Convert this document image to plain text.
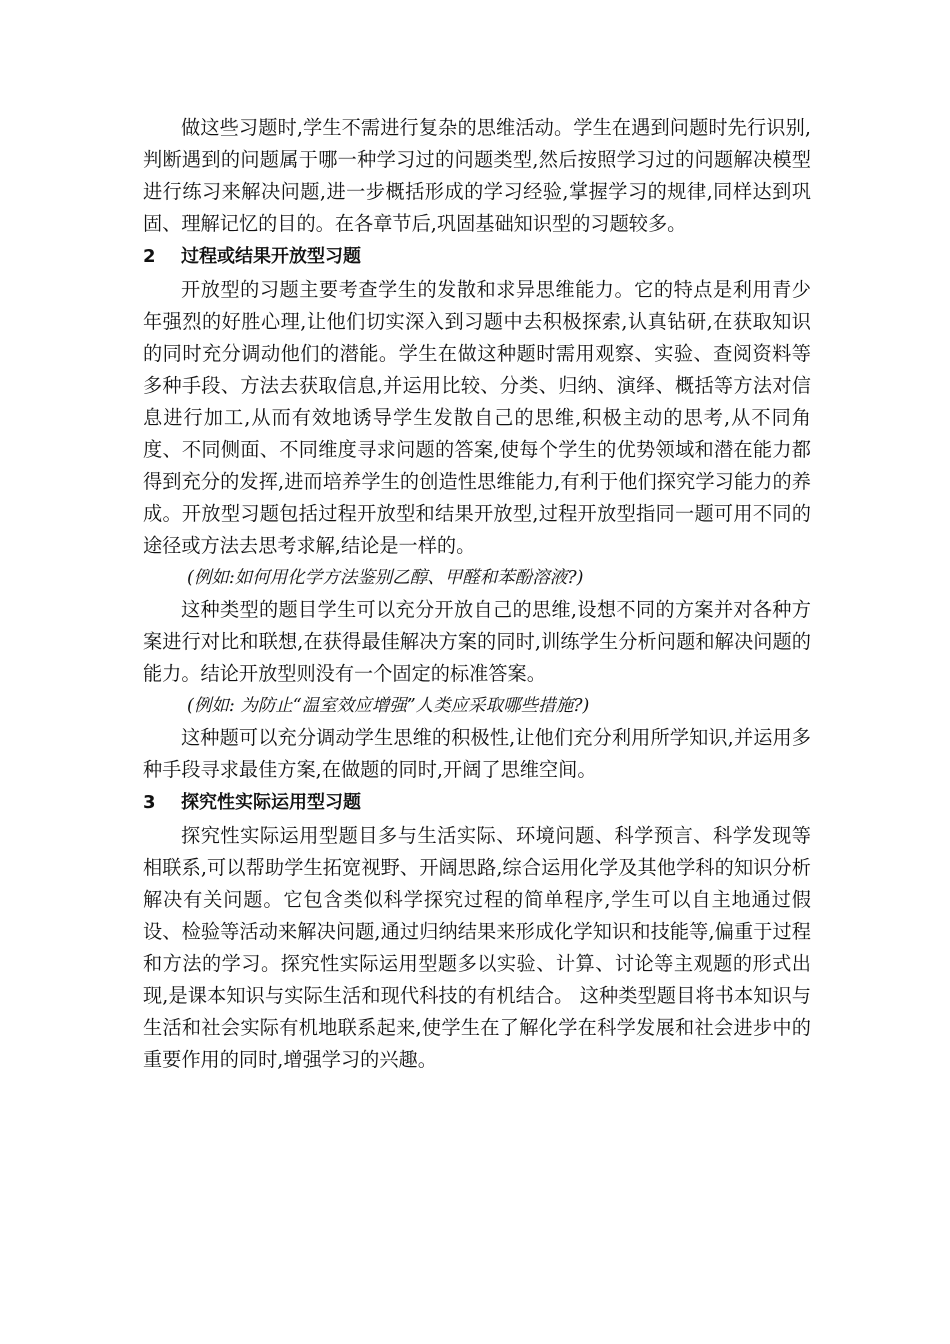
做这些习题时,学生不需进行复杂的思维活动。学生在遇到问题时先行识别,判断遇到的问题属于哪一种学习过的问题类型,然后按照学习过的问题解决模型进行练习来解决问题,进一步概括形成的学习经验,掌握学习的规律,同样达到巩固、理解记忆的目的。在各章节后,巩固基础知识型的习题较多。

2	过程或结果开放型习题

开放型的习题主要考查学生的发散和求异思维能力。它的特点是利用青少年强烈的好胜心理,让他们切实深入到习题中去积极探索,认真钻研,在获取知识的同时充分调动他们的潜能。学生在做这种题时需用观察、实验、查阅资料等多种手段、方法去获取信息,并运用比较、分类、归纳、演绎、概括等方法对信息进行加工,从而有效地诱导学生发散自己的思维,积极主动的思考,从不同角度、不同侧面、不同维度寻求问题的答案,使每个学生的优势领域和潜在能力都得到充分的发挥,进而培养学生的创造性思维能力,有利于他们探究学习能力的养成。开放型习题包括过程开放型和结果开放型,过程开放型指同一题可用不同的途径或方法去思考求解,结论是一样的。

(例如:如何用化学方法鉴别乙醇、甲醛和苯酚溶液?)

这种类型的题目学生可以充分开放自己的思维,设想不同的方案并对各种方案进行对比和联想,在获得最佳解决方案的同时,训练学生分析问题和解决问题的能力。结论开放型则没有一个固定的标准答案。

(例如: 为防止“温室效应增强”人类应采取哪些措施?)

这种题可以充分调动学生思维的积极性,让他们充分利用所学知识,并运用多种手段寻求最佳方案,在做题的同时,开阔了思维空间。

3	探究性实际运用型习题

探究性实际运用型题目多与生活实际、环境问题、科学预言、科学发现等相联系,可以帮助学生拓宽视野、开阔思路,综合运用化学及其他学科的知识分析解决有关问题。它包含类似科学探究过程的简单程序,学生可以自主地通过假设、检验等活动来解决问题,通过归纳结果来形成化学知识和技能等,偏重于过程和方法的学习。探究性实际运用型题多以实验、计算、讨论等主观题的形式出现,是课本知识与实际生活和现代科技的有机结合。 这种类型题目将书本知识与生活和社会实际有机地联系起来,使学生在了解化学在科学发展和社会进步中的重要作用的同时,增强学习的兴趣。
